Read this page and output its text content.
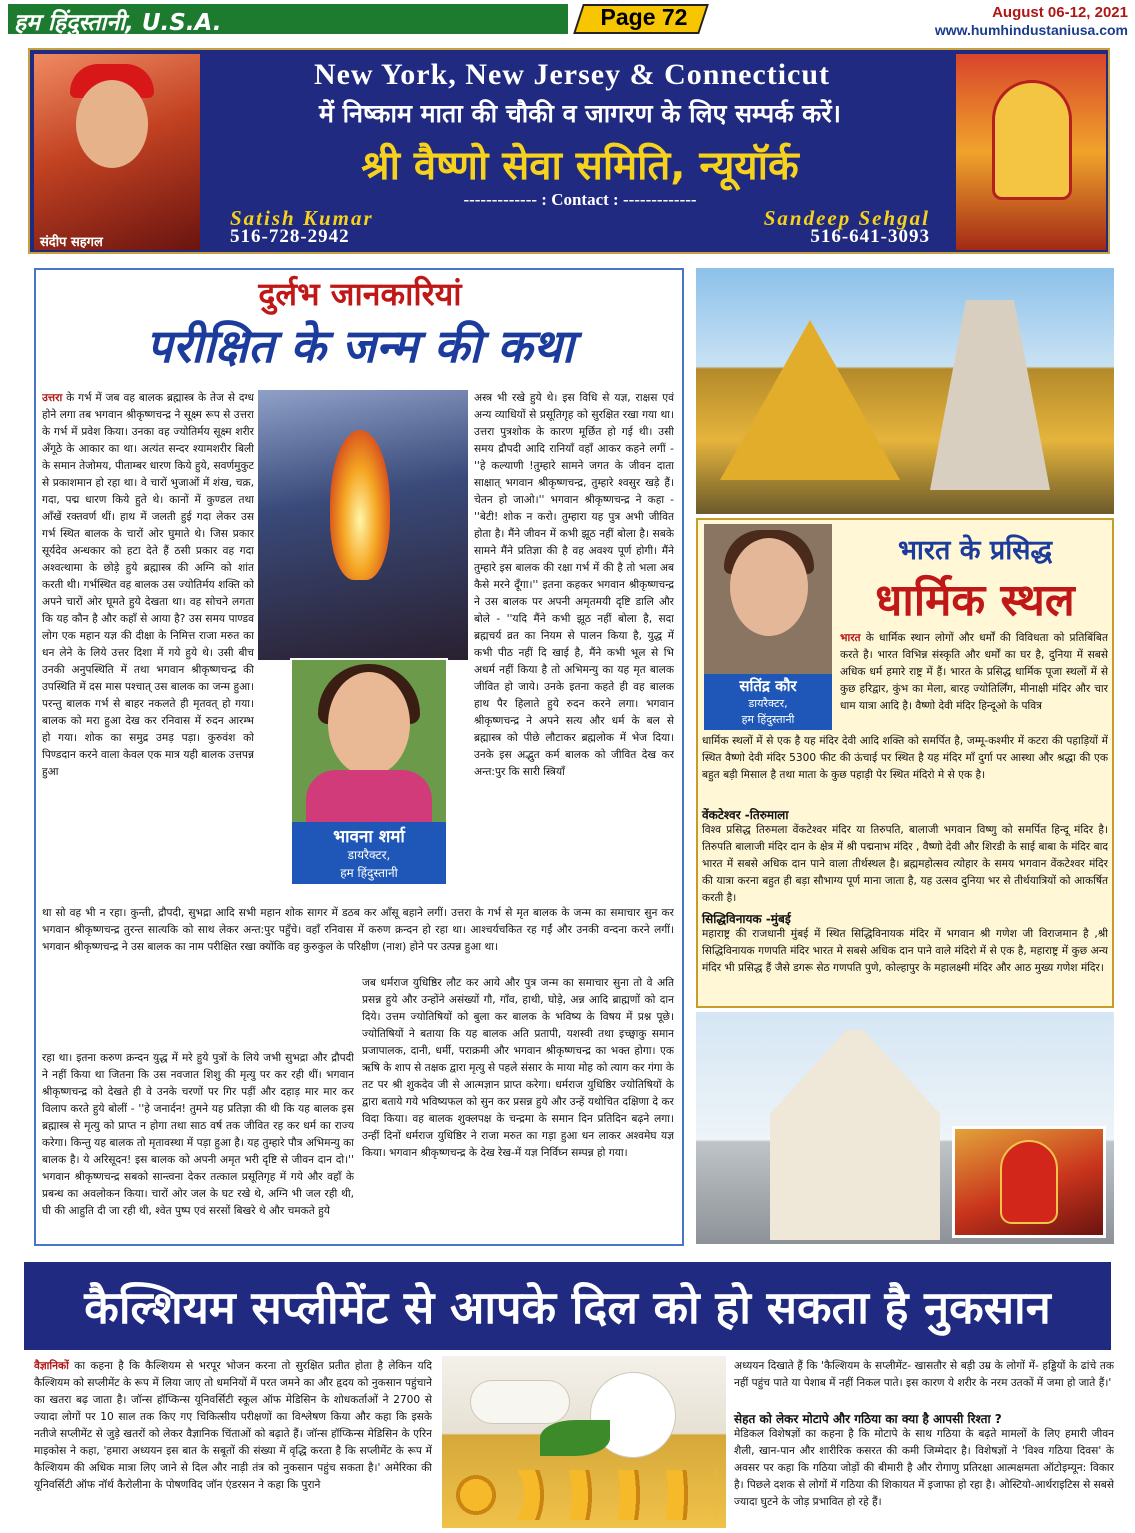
हम हिंदुस्तानी, U.S.A.	Page 72	August 06-12, 2021
www.humhindustaniusa.com
संदीप सहगल
New York, New Jersey & Connecticut
में निष्काम माता की चौकी व जागरण के लिए सम्पर्क करें।
श्री वैष्णो सेवा समिति, न्यूयॉर्क
------------- : Contact : -------------
Satish Kumar
516-728-2942
Sandeep Sehgal
516-641-3093
दुर्लभ जानकारियां
परीक्षित के जन्म की कथा
उत्तरा के गर्भ में जब वह बालक ब्रह्मास्त्र के तेज से दग्ध होने लगा तब भगवान श्रीकृष्णचन्द्र ने सूक्ष्म रूप से उत्तरा के गर्भ में प्रवेश किया। उनका वह ज्योतिर्मय सूक्ष्म शरीर अँगूठे के आकार का था। अत्यंत सन्दर श्यामशरीर बिली के समान तेजोमय, पीताम्बर धारण किये हुये, सवर्णमुकुट से प्रकाशमान हो रहा था। वे चारों भुजाओं में शंख, चक्र, गदा, पद्म धारण किये हुते थे। कानों में कुण्डल तथा आँखें रक्तवर्ण थीं। हाथ में जलती हुई गदा लेकर उस गर्भ स्थित बालक के चारों ओर घुमाते थे। जिस प्रकार सूर्यदेव अन्धकार को हटा देते हैं ठसी प्रकार वह गदा अश्वत्थामा के छोड़े हुये ब्रह्मास्त्र की अग्नि को शांत करती थी। गर्भस्थित वह बालक उस ज्योतिर्मय शक्ति को अपने चारों ओर घूमते हुये देखता था। वह सोचने लगता कि यह कौन है और कहाँ से आया है? उस समय पाण्डव लोग एक महान यज्ञ की दीक्षा के निमित्त राजा मरुत का धन लेने के लिये उत्तर दिशा में गये हुये थे। उसी बीच उनकी अनुपस्थिति में तथा भगवान श्रीकृष्णचन्द्र की उपस्थिति में दस मास पश्चात् उस बालक का जन्म हुआ। परन्तु बालक गर्भ से बाहर नकलते ही मृतवत् हो गया। बालक को मरा हुआ देख कर रनिवास में रुदन आरम्भ हो गया। शोक का समुद्र उमड़ पड़ा। कुरुवंश को पिण्डदान करने वाला केवल एक मात्र यही बालक उत्तपन्न हुआ
अस्त्र भी रखे हुये थे। इस विधि से यज्ञ, राक्षस एवं अन्य व्याधियों से प्रसूतिगृह को सुरक्षित रखा गया था। उत्तरा पुत्रशोक के कारण मूर्छित हो गई थी। उसी समय द्रौपदी आदि रानियाँ वहाँ आकर कहने लगीं - ''हे कल्याणी !तुम्हारे सामने जगत के जीवन दाता साक्षात् भगवान श्रीकृष्णचन्द्र, तुम्हारे श्वसुर खड़े हैं। चेतन हो जाओ।'' भगवान श्रीकृष्णचन्द्र ने कहा - ''बेटी! शोक न करो। तुम्हारा यह पुत्र अभी जीवित होता है। मैंने जीवन में कभी झूठ नहीं बोला है। सबके सामने मैंने प्रतिज्ञा की है वह अवश्य पूर्ण होगी। मैंने तुम्हारे इस बालक की रक्षा गर्भ में की है तो भला अब कैसे मरने दूँगा।'' इतना कहकर भगवान श्रीकृष्णचन्द्र ने उस बालक पर अपनी अमृतमयी दृष्टि डालि और बोले - ''यदि मैंने कभी झूठ नहीं बोला है, सदा ब्रह्मचर्य व्रत का नियम से पालन किया है, युद्ध में कभी पीठ नहीं दि खाई है, मैंने कभी भूल से भि अधर्म नहीं किया है तो अभिमन्यु का यह मृत बालक जीवित हो जाये। उनके इतना कहते ही वह बालक हाथ पैर हिलाते हुये रुदन करने लगा। भगवान श्रीकृष्णचन्द्र ने अपने सत्य और धर्म के बल से ब्रह्मास्त्र को पीछे लौटाकर ब्रह्मलोक में भेज दिया। उनके इस अद्भुत कर्म बालक को जीवित देख कर अन्त:पुर कि सारी स्त्रियाँ
था सो वह भी न रहा। कुन्ती, द्रौपदी, सुभद्रा आदि सभी महान शोक सागर में डठब कर आँसू बहाने लगीं। उत्तरा के गर्भ से मृत बालक के जन्म का समाचार सुन कर भगवान श्रीकृष्णचन्द्र तुरन्त सात्यकि को साथ लेकर अन्त:पुर पहुँचे। वहाँ रनिवास में करुण क्रन्दन हो रहा था। आश्चर्यचकित रह गईं और उनकी वन्दना करने लगीं। भगवान श्रीकृष्णचन्द्र ने उस बालक का नाम परीक्षित रखा क्योंकि वह कुरुकुल के परिक्षीण (नाश) होने पर उत्पन्न हुआ था।
रहा था। इतना करुण क्रन्दन युद्ध में मरे हुये पुत्रों के लिये जभी सुभद्रा और द्रौपदी ने नहीं किया था जितना कि उस नवजात शिशु की मृत्यु पर कर रही थीं। भगवान श्रीकृष्णचन्द्र को देखते ही वे उनके चरणों पर गिर पड़ीं और दहाड़ मार मार कर विलाप करते हुये बोलीं - ''हे जनार्दन! तुमने यह प्रतिज्ञा की थी कि यह बालक इस ब्रह्मास्त्र से मृत्यु को प्राप्त न होगा तथा साठ वर्ष तक जीवित रह कर धर्म का राज्य करेगा। किन्तु यह बालक तो मृतावस्था में पड़ा हुआ है। यह तुम्हारे पौत्र अभिमन्यु का बालक है। ये अरिसूदन! इस बालक को अपनी अमृत भरी दृष्टि से जीवन दान दो।'' भगवान श्रीकृष्णचन्द्र सबको सान्त्वना देकर तत्काल प्रसूतिगृह में गये और वहाँ के प्रबन्ध का अवलोकन किया। चारों ओर जल के घट रखे थे, अग्नि भी जल रही थी, घी की आहुति दी जा रही थी, श्वेत पुष्प एवं सरसों बिखरे थे और चमकते हुये
जब धर्मराज युधिष्ठिर लौट कर आये और पुत्र जन्म का समाचार सुना तो वे अति प्रसन्न हुये और उन्होंने असंख्यों गौ, गाँव, हाथी, घोड़े, अन्न आदि ब्राह्मणों को दान दिये। उत्तम ज्योतिषियों को बुला कर बालक के भविष्य के विषय में प्रश्न पूछे। ज्योतिषियों ने बताया कि यह बालक अति प्रतापी, यशस्वी तथा इच्छ्वाकु समान प्रजापालक, दानी, धर्मी, पराक्रमी और भगवान श्रीकृष्णचन्द्र का भक्त होगा। एक ऋषि के शाप से तक्षक द्वारा मृत्यु से पहले संसार के माया मोह को त्याग कर गंगा के तट पर श्री शुकदेव जी से आत्मज्ञान प्राप्त करेगा। धर्मराज युधिष्ठिर ज्योतिषियों के द्वारा बताये गये भविष्यफल को सुन कर प्रसन्न हुये और उन्हें यथोचित दक्षिणा दे कर विदा किया। वह बालक शुक्लपक्ष के चन्द्रमा के समान दिन प्रतिदिन बढ़ने लगा। उन्हीं दिनों धर्मराज युधिष्ठिर ने राजा मरुत का गड़ा हुआ धन लाकर अश्वमेघ यज्ञ किया। भगवान श्रीकृष्णचन्द्र के देख रेख-में यज्ञ निर्विघ्न सम्पन्न हो गया।
भावना शर्मा
डायरैक्टर,
हम हिंदुस्तानी
सतिंद्र कौर
डायरैक्टर,
हम हिंदुस्तानी
भारत के प्रसिद्ध
धार्मिक स्थल
भारत के धार्मिक स्थान लोगों और धर्मों की विविधता को प्रतिबिंबित करते है। भारत विभिन्न संस्कृति और धर्मों का घर है, दुनिया में सबसे अधिक धर्म हमारे राष्ट्र में हैं। भारत के प्रसिद्ध धार्मिक पूजा स्थलों में से कुछ हरिद्वार, कुंभ का मेला, बारह ज्योतिर्लिंग, मीनाक्षी मंदिर और चार धाम यात्रा आदि है। वैष्णो देवी मंदिर हिन्दूओ के पवित्र
धार्मिक स्थलों में से एक है यह मंदिर देवी आदि शक्ति को समर्पित है, जम्मू-कश्मीर में कटरा की पहाड़ियों में स्थित वैष्णो देवी मंदिर 5300 फीट की ऊंचाई पर स्थित है यह मंदिर माँ दुर्गा पर आस्था और श्रद्धा की एक बहुत बड़ी मिसाल है तथा माता के कुछ पहाड़ी पेर स्थित मंदिरो मे से एक है।
वेंकटेश्वर -तिरुमाला
विश्व प्रसिद्ध तिरुमला वेंकटेश्वर मंदिर या तिरुपति, बालाजी भगवान विष्णु को समर्पित हिन्दू मंदिर है। तिरुपति बालाजी मंदिर दान के क्षेत्र में श्री पद्मनाभ मंदिर , वैष्णो देवी और शिरडी के साई बाबा के मंदिर बाद भारत में सबसे अधिक दान पाने वाला तीर्थस्थल है। ब्रह्ममहोत्सव त्योहार के समय भगवान वेंकटेश्वर मंदिर की यात्रा करना बहुत ही बड़ा सौभाग्य पूर्ण माना जाता है, यह उत्सव दुनिया भर से तीर्थयात्रियों को आकर्षित करती है।
सिद्धिविनायक -मुंबई
महाराष्ट्र की राजधानी मुंबई में स्थित सिद्धिविनायक मंदिर में भगवान श्री गणेश जी विराजमान है ,श्री सिद्धिविनायक गणपति मंदिर भारत मे सबसे अधिक दान पाने वाले मंदिरो में से एक है, महाराष्ट्र में कुछ अन्य मंदिर भी प्रसिद्ध हैं जैसे डगरू सेठ गणपति पुणे, कोल्हापुर के महालक्ष्मी मंदिर और आठ मुख्य गणेश मंदिर।
कैल्शियम सप्लीमेंट से आपके दिल को हो सकता है नुकसान
वैज्ञानिकों का कहना है कि कैल्शियम से भरपूर भोजन करना तो सुरक्षित प्रतीत होता है लेकिन यदि कैल्शियम को सप्लीमेंट के रूप में लिया जाए तो धमनियों में परत जमने का और हृदय को नुकसान पहुंचाने का खतरा बढ़ जाता है। जॉन्स हॉप्किन्स यूनिवर्सिटी स्कूल ऑफ मेडिसिन के शोधकर्ताओं ने 2700 से ज्यादा लोगों पर 10 साल तक किए गए चिकित्सीय परीक्षणों का विश्लेषण किया और कहा कि इसके नतीजे सप्लीमेंट से जुड़े खतरों को लेकर वैज्ञानिक चिंताओं को बढ़ाते हैं। जॉन्स हॉप्किन्स मेडिसिन के एरिन माइकोस ने कहा, 'हमारा अध्ययन इस बात के सबूतों की संख्या में वृद्धि करता है कि सप्लीमेंट के रूप में कैल्शियम की अधिक मात्रा लिए जाने से दिल और नाड़ी तंत्र को नुकसान पहुंच सकता है।' अमेरिका की यूनिवर्सिटी ऑफ नॉर्थ कैरोलीना के पोषणविद जॉन एंडरसन ने कहा कि पुराने
अध्ययन दिखाते हैं कि 'कैल्शियम के सप्लीमेंट- खासतौर से बड़ी उम्र के लोगों में- हड्डियों के ढांचे तक नहीं पहुंच पाते या पेशाब में नहीं निकल पाते। इस कारण ये शरीर के नरम उतकों में जमा हो जाते हैं।'
सेहत को लेकर मोटापे और गठिया का क्या है आपसी रिश्ता ?
मेडिकल विशेषज्ञों का कहना है कि मोटापे के साथ गठिया के बढ़ते मामलों के लिए हमारी जीवन शैली, खान-पान और शारीरिक कसरत की कमी जिम्मेदार है। विशेषज्ञों ने 'विश्व गठिया दिवस' के अवसर पर कहा कि गठिया जोड़ों की बीमारी है और रोगाणु प्रतिरक्षा आत्मक्षमता ऑटोइम्यून: विकार है। पिछले दशक से लोगों में गठिया की शिकायत में इजाफा हो रहा है। ओस्टियो-आर्थराइटिस से सबसे ज्यादा घुटने के जोड़ प्रभावित हो रहे हैं।
